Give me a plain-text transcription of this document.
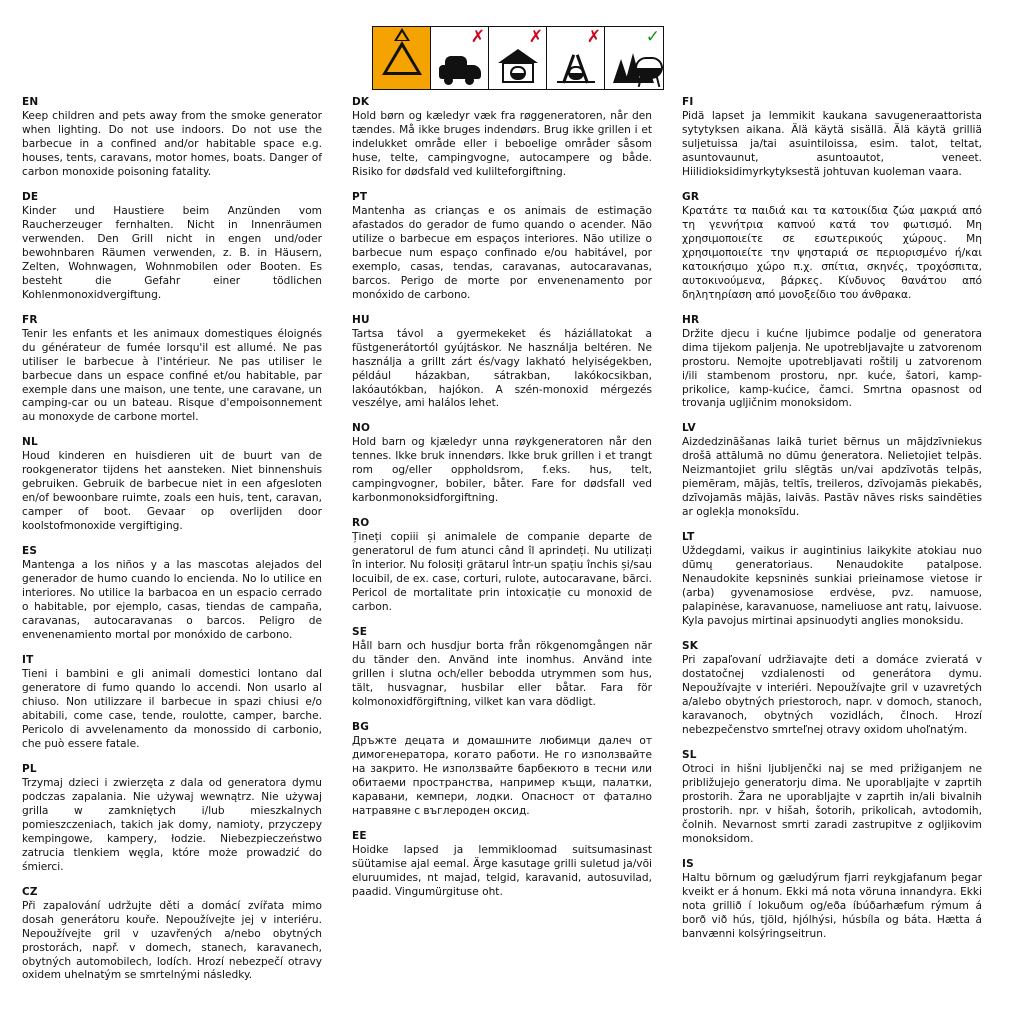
✗	✗	✗	✓
EN
Keep children and pets away from the smoke generator when lighting. Do not use indoors. Do not use the barbecue in a confined and/or habitable space e.g. houses, tents, caravans, motor homes, boats. Danger of carbon monoxide poisoning fatality.
DE
Kinder und Haustiere beim Anzünden vom Raucherzeuger fernhalten. Nicht in Innenräumen verwenden. Den Grill nicht in engen und/oder bewohnbaren Räumen verwenden, z. B. in Häusern, Zelten, Wohnwagen, Wohnmobilen oder Booten. Es besteht die Gefahr einer tödlichen Kohlenmonoxidvergiftung.
FR
Tenir les enfants et les animaux domestiques éloignés du générateur de fumée lorsqu'il est allumé. Ne pas utiliser le barbecue à l'intérieur. Ne pas utiliser le barbecue dans un espace confiné et/ou habitable, par exemple dans une maison, une tente, une caravane, un camping-car ou un bateau. Risque d'empoisonnement au monoxyde de carbone mortel.
NL
Houd kinderen en huisdieren uit de buurt van de rookgenerator tijdens het aansteken. Niet binnenshuis gebruiken. Gebruik de barbecue niet in een afgesloten en/of bewoonbare ruimte, zoals een huis, tent, caravan, camper of boot. Gevaar op overlijden door koolstofmonoxide vergiftiging.
ES
Mantenga a los niños y a las mascotas alejados del generador de humo cuando lo encienda. No lo utilice en interiores. No utilice la barbacoa en un espacio cerrado o habitable, por ejemplo, casas, tiendas de campaña, caravanas, autocaravanas o barcos. Peligro de envenenamiento mortal por monóxido de carbono.
IT
Tieni i bambini e gli animali domestici lontano dal generatore di fumo quando lo accendi. Non usarlo al chiuso. Non utilizzare il barbecue in spazi chiusi e/o abitabili, come case, tende, roulotte, camper, barche. Pericolo di avvelenamento da monossido di carbonio, che può essere fatale.
PL
Trzymaj dzieci i zwierzęta z dala od generatora dymu podczas zapalania. Nie używaj wewnątrz. Nie używaj grilla w zamkniętych i/lub mieszkalnych pomieszczeniach, takich jak domy, namioty, przyczepy kempingowe, kampery, łodzie. Niebezpieczeństwo zatrucia tlenkiem węgla, które może prowadzić do śmierci.
CZ
Při zapalování udržujte děti a domácí zvířata mimo dosah generátoru kouře. Nepoužívejte jej v interiéru. Nepoužívejte gril v uzavřených a/nebo obytných prostorách, např. v domech, stanech, karavanech, obytných automobilech, lodích. Hrozí nebezpečí otravy oxidem uhelnatým se smrtelnými následky.
DK
Hold børn og kæledyr væk fra røggeneratoren, når den tændes. Må ikke bruges indendørs. Brug ikke grillen i et indelukket område eller i beboelige områder såsom huse, telte, campingvogne, autocampere og både. Risiko for dødsfald ved kulilteforgiftning.
PT
Mantenha as crianças e os animais de estimação afastados do gerador de fumo quando o acender. Não utilize o barbecue em espaços interiores. Não utilize o barbecue num espaço confinado e/ou habitável, por exemplo, casas, tendas, caravanas, autocaravanas, barcos. Perigo de morte por envenenamento por monóxido de carbono.
HU
Tartsa távol a gyermekeket és háziállatokat a füstgenerátortól gyújtáskor. Ne használja beltéren. Ne használja a grillt zárt és/vagy lakható helyiségekben, például házakban, sátrakban, lakókocsikban, lakóautókban, hajókon. A szén-monoxid mérgezés veszélye, ami halálos lehet.
NO
Hold barn og kjæledyr unna røykgeneratoren når den tennes. Ikke bruk innendørs. Ikke bruk grillen i et trangt rom og/eller oppholdsrom, f.eks. hus, telt, campingvogner, bobiler, båter. Fare for dødsfall ved karbonmonoksidforgiftning.
RO
Țineți copiii și animalele de companie departe de generatorul de fum atunci când îl aprindeți. Nu utilizați în interior. Nu folosiți grătarul într-un spațiu închis și/sau locuibil, de ex. case, corturi, rulote, autocaravane, bărci. Pericol de mortalitate prin intoxicație cu monoxid de carbon.
SE
Håll barn och husdjur borta från rökgenomgången när du tänder den. Använd inte inomhus. Använd inte grillen i slutna och/eller bebodda utrymmen som hus, tält, husvagnar, husbilar eller båtar. Fara för kolmonoxidförgiftning, vilket kan vara dödligt.
BG
Дръжте децата и домашните любимци далеч от димогенератора, когато работи. Не го използвайте на закрито. Не използвайте барбекюто в тесни или обитаеми пространства, например къщи, палатки, каравани, кемпери, лодки. Опасност от фатално натравяне с въглероден оксид.
EE
Hoidke lapsed ja lemmikloomad suitsumasinast süütamise ajal eemal. Ärge kasutage grilli suletud ja/või eluruumides, nt majad, telgid, karavanid, autosuvilad, paadid. Vingumürgituse oht.
FI
Pidä lapset ja lemmikit kaukana savugeneraattorista sytytyksen aikana. Älä käytä sisällä. Älä käytä grilliä suljetuissa ja/tai asuintiloissa, esim. talot, teltat, asuntovaunut, asuntoautot, veneet. Hiilidioksidimyrkytyksestä johtuvan kuoleman vaara.
GR
Κρατάτε τα παιδιά και τα κατοικίδια ζώα μακριά από τη γεννήτρια καπνού κατά τον φωτισμό. Μη χρησιμοποιείτε σε εσωτερικούς χώρους. Μη χρησιμοποιείτε την ψησταριά σε περιορισμένο ή/και κατοικήσιμο χώρο π.χ. σπίτια, σκηνές, τροχόσπιτα, αυτοκινούμενα, βάρκες. Κίνδυνος θανάτου από δηλητηρίαση από μονοξείδιο του άνθρακα.
HR
Držite djecu i kućne ljubimce podalje od generatora dima tijekom paljenja. Ne upotrebljavajte u zatvorenom prostoru. Nemojte upotrebljavati roštilj u zatvorenom i/ili stambenom prostoru, npr. kuće, šatori, kamp-prikolice, kamp-kućice, čamci. Smrtna opasnost od trovanja ugljičnim monoksidom.
LV
Aizdedzināšanas laikā turiet bērnus un mājdzīvniekus drošā attālumā no dūmu ģeneratora. Nelietojiet telpās. Neizmantojiet grilu slēgtās un/vai apdzīvotās telpās, piemēram, mājās, teltīs, treileros, dzīvojamās piekabēs, dzīvojamās mājās, laivās. Pastāv nāves risks saindēties ar oglekļa monoksīdu.
LT
Uždegdami, vaikus ir augintinius laikykite atokiau nuo dūmų generatoriaus. Nenaudokite patalpose. Nenaudokite kepsninės sunkiai prieinamose vietose ir (arba) gyvenamosiose erdvėse, pvz. namuose, palapinėse, karavanuose, nameliuose ant ratų, laivuose. Kyla pavojus mirtinai apsinuodyti anglies monoksidu.
SK
Pri zapaľovaní udržiavajte deti a domáce zvieratá v dostatočnej vzdialenosti od generátora dymu. Nepoužívajte v interiéri. Nepoužívajte gril v uzavretých a/alebo obytných priestoroch, napr. v domoch, stanoch, karavanoch, obytných vozidlách, člnoch. Hrozí nebezpečenstvo smrteľnej otravy oxidom uhoľnatým.
SL
Otroci in hišni ljubljenčki naj se med prižiganjem ne približujejo generatorju dima. Ne uporabljajte v zaprtih prostorih. Žara ne uporabljajte v zaprtih in/ali bivalnih prostorih. npr. v hišah, šotorih, prikolicah, avtodomih, čolnih. Nevarnost smrti zaradi zastrupitve z ogljikovim monoksidom.
IS
Haltu börnum og gæludýrum fjarri reykgjafanum þegar kveikt er á honum. Ekki má nota vöruna innandyra. Ekki nota grillið í lokuðum og/eða íbúðarhæfum rýmum á borð við hús, tjöld, hjólhýsi, húsbíla og báta. Hætta á banvænni kolsýringseitrun.
